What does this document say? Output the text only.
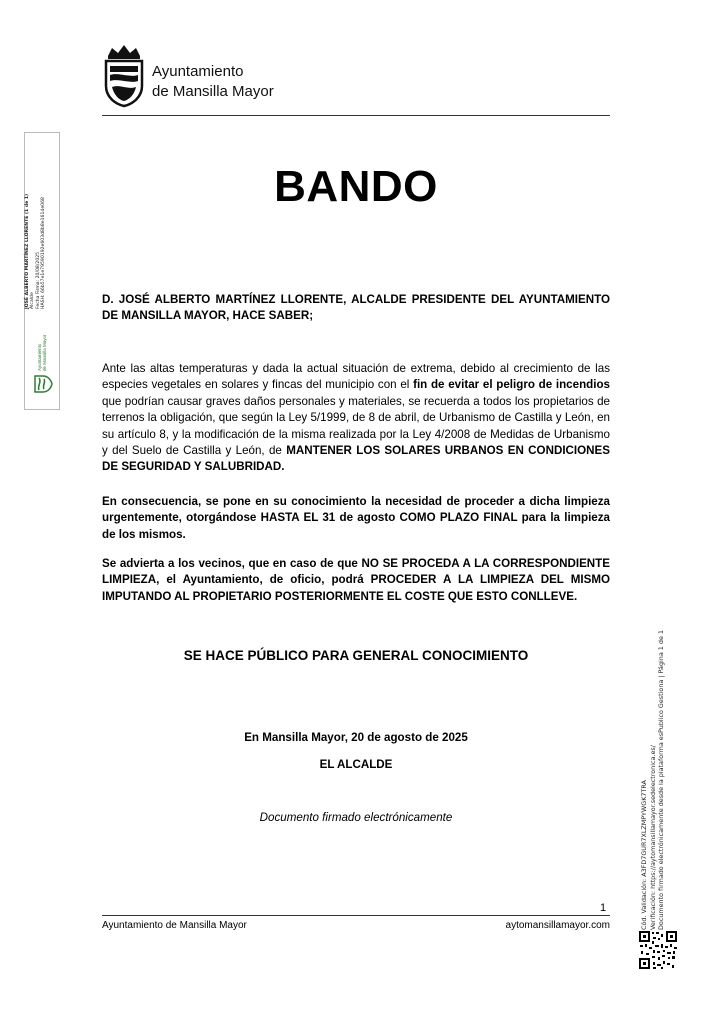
Ayuntamiento
de Mansilla Mayor
BANDO
D. JOSÉ ALBERTO MARTÍNEZ LLORENTE, ALCALDE PRESIDENTE DEL AYUNTAMIENTO DE MANSILLA MAYOR, HACE SABER;
Ante las altas temperaturas y dada la actual situación de extrema, debido al crecimiento de las especies vegetales en solares y fincas del municipio con el fin de evitar el peligro de incendios que podrían causar graves daños personales y materiales, se recuerda a todos los propietarios de terrenos la obligación, que según la Ley 5/1999, de 8 de abril, de Urbanismo de Castilla y León, en su artículo 8, y la modificación de la misma realizada por la Ley 4/2008 de Medidas de Urbanismo y del Suelo de Castilla y León, de MANTENER LOS SOLARES URBANOS EN CONDICIONES DE SEGURIDAD Y SALUBRIDAD.
En consecuencia, se pone en su conocimiento la necesidad de proceder a dicha limpieza urgentemente, otorgándose HASTA EL 31 de agosto COMO PLAZO FINAL para la limpieza de los mismos.
Se advierta a los vecinos, que en caso de que NO SE PROCEDA A LA CORRESPONDIENTE LIMPIEZA, el Ayuntamiento, de oficio, podrá PROCEDER A LA LIMPIEZA DEL MISMO IMPUTANDO AL PROPIETARIO POSTERIORMENTE EL COSTE QUE ESTO CONLLEVE.
SE HACE PÚBLICO PARA GENERAL CONOCIMIENTO
En Mansilla Mayor, 20 de agosto de 2025
EL ALCALDE
Documento firmado electrónicamente
1
Ayuntamiento de Mansilla Mayor	aytomansillamayor.com
Ayuntamiento de Mansilla Mayor
JOSÉ ALBERTO MARTÍNEZ LLORENTE (1 de 1) Alcalde Fecha Firma: 20/08/2025 HASH: 66b57e1e79590192e603d8b8e1614e068
Cód. Validación: A3FD7GUR7XLZMPYWGK7TRA Verificación: https://aytomansillamayor.sedelectronica.es/ Documento firmado electrónicamente desde la plataforma esPublico Gestiona | Página 1 de 1
